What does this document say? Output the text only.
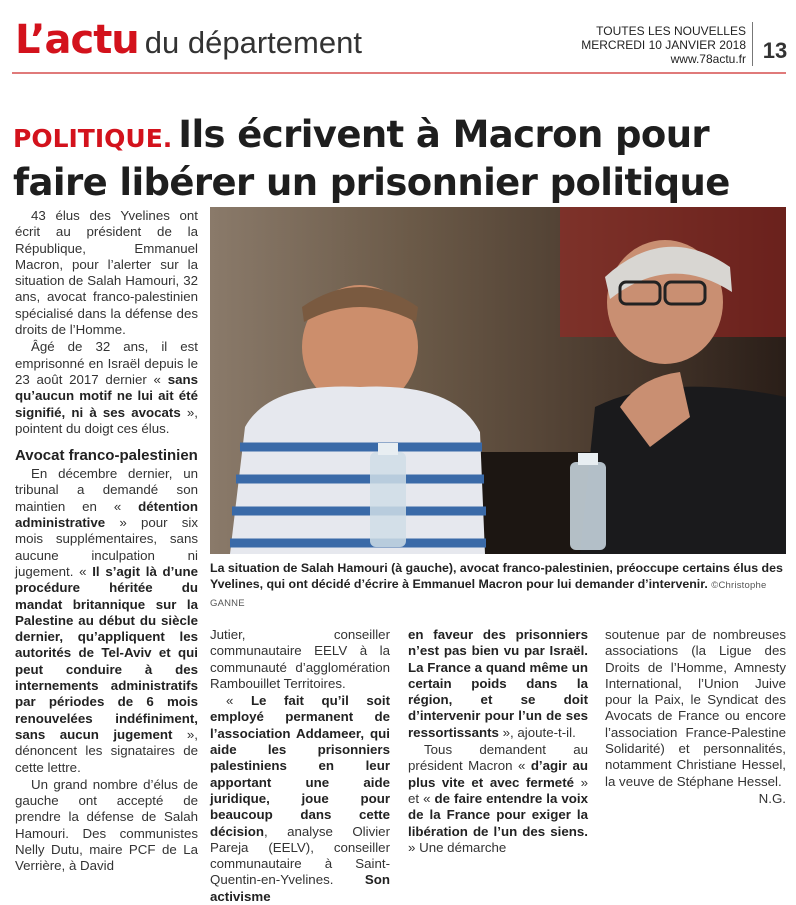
L’actu du département	TOUTES LES NOUVELLES
MERCREDI 10 JANVIER 2018
www.78actu.fr 13
POLITIQUE. Ils écrivent à Macron pour faire libérer un prisonnier politique

43 élus des Yvelines ont écrit au président de la République, Emmanuel Macron, pour l’alerter sur la situation de Salah Hamouri, 32 ans, avocat franco-palestinien spécialisé dans la défense des droits de l’Homme.

Âgé de 32 ans, il est emprisonné en Israël depuis le 23 août 2017 dernier « sans qu’aucun motif ne lui ait été signifié, ni à ses avocats », pointent du doigt ces élus.

Avocat franco-palestinien

En décembre dernier, un tribunal a demandé son maintien en « détention administrative » pour six mois supplémentaires, sans aucune inculpation ni jugement. « Il s’agit là d’une procédure héritée du mandat britannique sur la Palestine au début du siècle dernier, qu’appliquent les autorités de Tel-Aviv et qui peut conduire à des internements administratifs par périodes de 6 mois renouvelées indéfiniment, sans aucun jugement », dénoncent les signataires de cette lettre.

Un grand nombre d’élus de gauche ont accepté de prendre la défense de Salah Hamouri. Des communistes Nelly Dutu, maire PCF de La Verrière, à David

La situation de Salah Hamouri (à gauche), avocat franco-palestinien, préoccupe certains élus des Yvelines, qui ont décidé d’écrire à Emmanuel Macron pour lui demander d’intervenir. ©Christophe GANNE

Jutier, conseiller communautaire EELV à la communauté d’agglomération Rambouillet Territoires.

« Le fait qu’il soit employé permanent de l’association Addameer, qui aide les prisonniers palestiniens en leur apportant une aide juridique, joue pour beaucoup dans cette décision, analyse Olivier Pareja (EELV), conseiller communautaire à Saint-Quentin-en-Yvelines. Son activisme

en faveur des prisonniers n’est pas bien vu par Israël. La France a quand même un certain poids dans la région, et se doit d’intervenir pour l’un de ses ressortissants », ajoute-t-il.

Tous demandent au président Macron « d’agir au plus vite et avec fermeté » et « de faire entendre la voix de la France pour exiger la libération de l’un des siens. » Une démarche

soutenue par de nombreuses associations (la Ligue des Droits de l’Homme, Amnesty International, l’Union Juive pour la Paix, le Syndicat des Avocats de France ou encore l’association France-Palestine Solidarité) et personnalités, notamment Christiane Hessel, la veuve de Stéphane Hessel.

N.G.
